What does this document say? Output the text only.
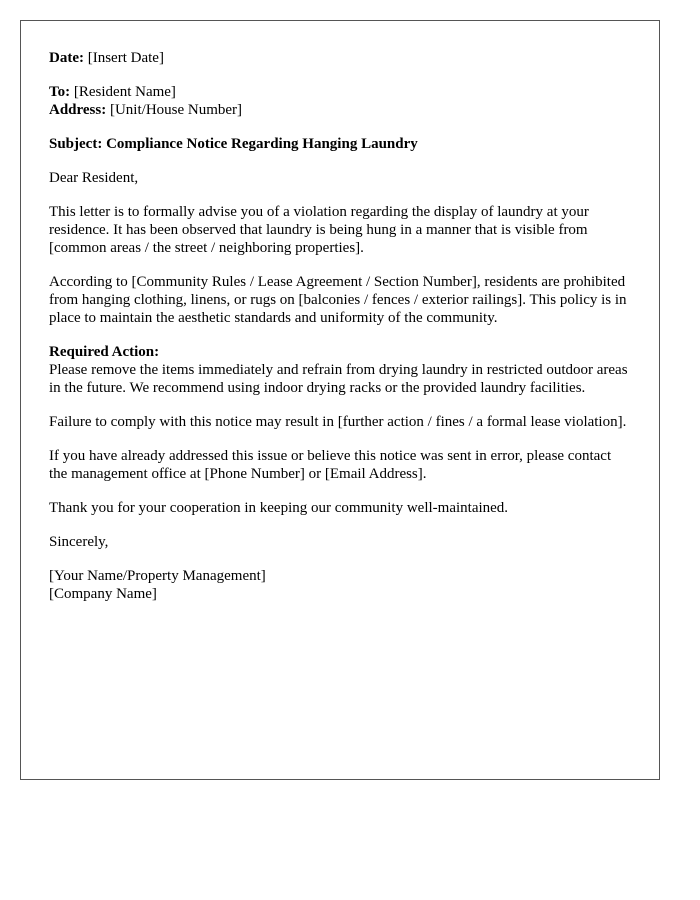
Date: [Insert Date]
To: [Resident Name]
Address: [Unit/House Number]
Subject: Compliance Notice Regarding Hanging Laundry

Dear Resident,

This letter is to formally advise you of a violation regarding the display of laundry at your residence. It has been observed that laundry is being hung in a manner that is visible from [common areas / the street / neighboring properties].

According to [Community Rules / Lease Agreement / Section Number], residents are prohibited from hanging clothing, linens, or rugs on [balconies / fences / exterior railings]. This policy is in place to maintain the aesthetic standards and uniformity of the community.

Required Action:
Please remove the items immediately and refrain from drying laundry in restricted outdoor areas in the future. We recommend using indoor drying racks or the provided laundry facilities.

Failure to comply with this notice may result in [further action / fines / a formal lease violation].

If you have already addressed this issue or believe this notice was sent in error, please contact the management office at [Phone Number] or [Email Address].

Thank you for your cooperation in keeping our community well-maintained.

Sincerely,

[Your Name/Property Management]
[Company Name]
